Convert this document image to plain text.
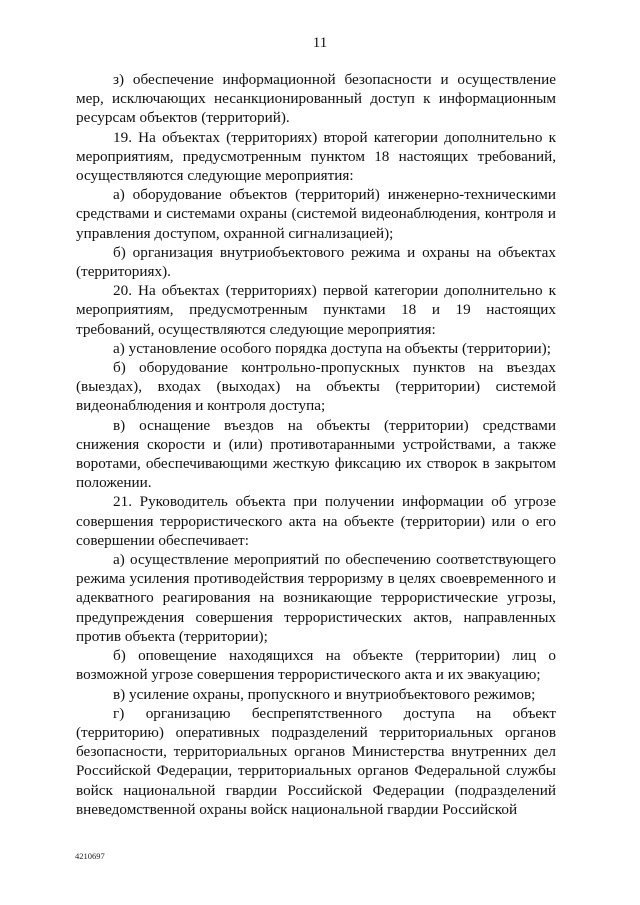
11

з) обеспечение информационной безопасности и осуществление мер, исключающих несанкционированный доступ к информационным ресурсам объектов (территорий).

19. На объектах (территориях) второй категории дополнительно к мероприятиям, предусмотренным пунктом 18 настоящих требований, осуществляются следующие мероприятия:

а) оборудование объектов (территорий) инженерно-техническими средствами и системами охраны (системой видеонаблюдения, контроля и управления доступом, охранной сигнализацией);

б) организация внутриобъектового режима и охраны на объектах (территориях).

20. На объектах (территориях) первой категории дополнительно к мероприятиям, предусмотренным пунктами 18 и 19 настоящих требований, осуществляются следующие мероприятия:

а) установление особого порядка доступа на объекты (территории);

б) оборудование контрольно-пропускных пунктов на въездах (выездах), входах (выходах) на объекты (территории) системой видеонаблюдения и контроля доступа;

в) оснащение въездов на объекты (территории) средствами снижения скорости и (или) противотаранными устройствами, а также воротами, обеспечивающими жесткую фиксацию их створок в закрытом положении.

21. Руководитель объекта при получении информации об угрозе совершения террористического акта на объекте (территории) или о его совершении обеспечивает:

а) осуществление мероприятий по обеспечению соответствующего режима усиления противодействия терроризму в целях своевременного и адекватного реагирования на возникающие террористические угрозы, предупреждения совершения террористических актов, направленных против объекта (территории);

б) оповещение находящихся на объекте (территории) лиц о возможной угрозе совершения террористического акта и их эвакуацию;

в) усиление охраны, пропускного и внутриобъектового режимов;

г) организацию беспрепятственного доступа на объект (территорию) оперативных подразделений территориальных органов безопасности, территориальных органов Министерства внутренних дел Российской Федерации, территориальных органов Федеральной службы войск национальной гвардии Российской Федерации (подразделений вневедомственной охраны войск национальной гвардии Российской

4210697
